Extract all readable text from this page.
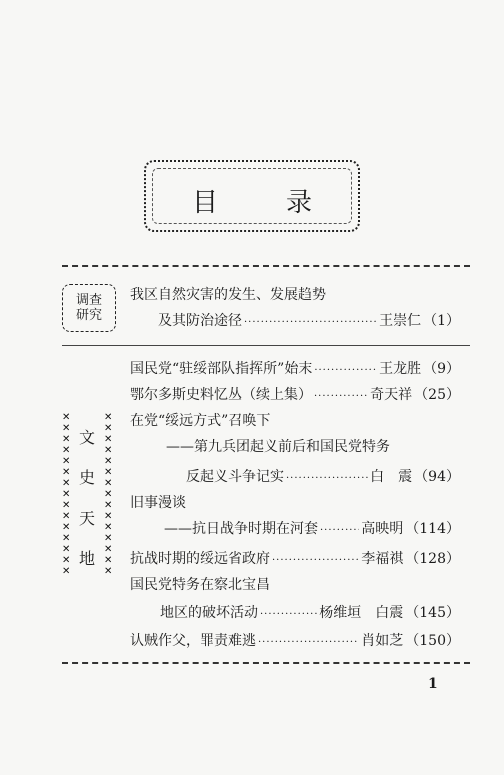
目	录
调查
研究
我区自然灾害的发生、发展趋势
及其防治途径 ·····	王崇仁 （1）
✕✕✕✕✕✕✕✕✕✕✕✕✕✕✕
文
史
天
地
✕✕✕✕✕✕✕✕✕✕✕✕✕✕✕
国民党“驻绥部队指挥所”始末 ·····	王龙胜 （9）
鄂尔多斯史料忆丛（续上集） ·····	奇天祥 （25）
在党“绥远方式”召唤下
——第九兵团起义前后和国民党特务
反起义斗争记实 ·····	白　震 （94）
旧事漫谈
——抗日战争时期在河套 ·····	高映明 （114）
抗战时期的绥远省政府 ·····	李福祺 （128）
国民党特务在察北宝昌
地区的破坏活动 ·····	杨维垣　白震 （145）
认贼作父，罪责难逃 ·····	肖如芝 （150）
1
